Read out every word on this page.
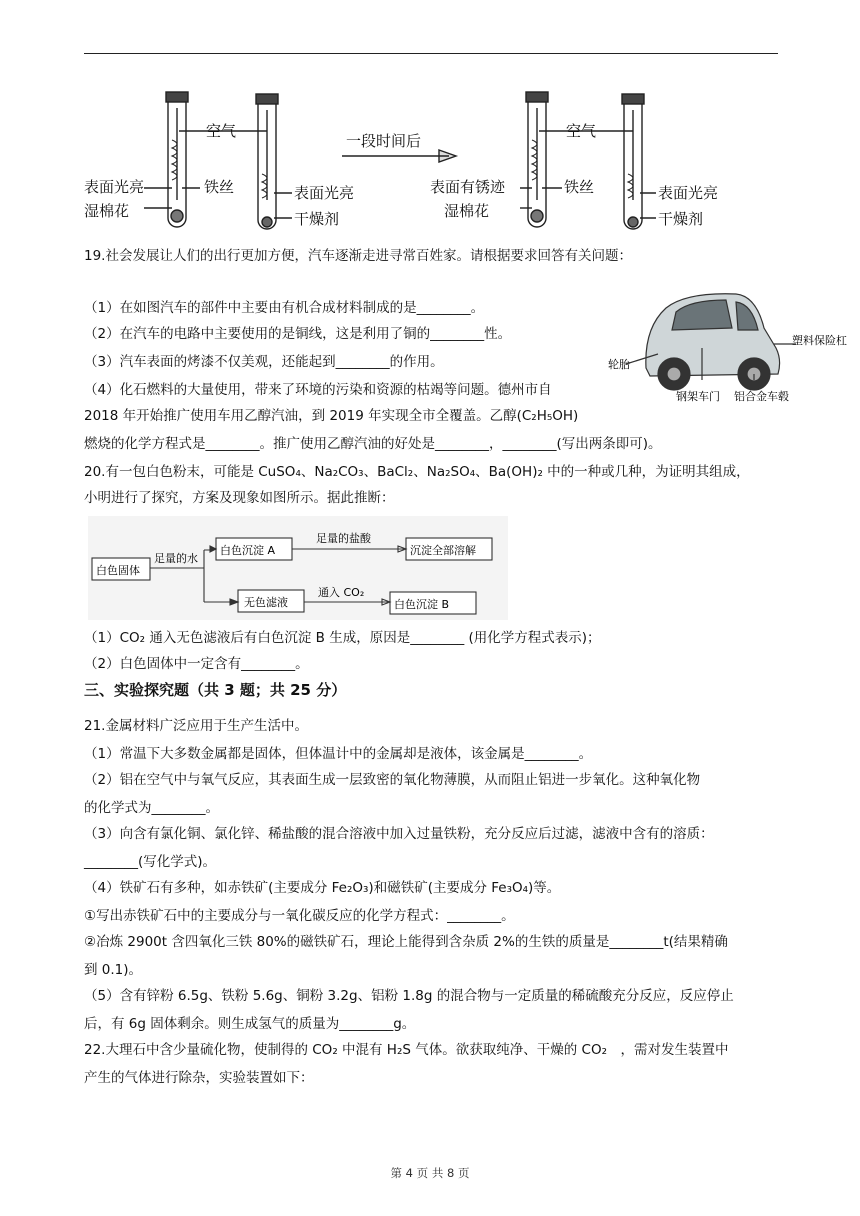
空气
表面光亮
湿棉花
铁丝	表面光亮
干燥剂
一段时间后
空气
表面有锈迹
湿棉花
铁丝	表面光亮
干燥剂
19.社会发展让人们的出行更加方便，汽车逐渐走进寻常百姓家。请根据要求回答有关问题：
（1）在如图汽车的部件中主要由有机合成材料制成的是________。
（2）在汽车的电路中主要使用的是铜线，这是利用了铜的________性。
（3）汽车表面的烤漆不仅美观，还能起到________的作用。
（4）化石燃料的大量使用，带来了环境的污染和资源的枯竭等问题。德州市自
2018 年开始推广使用车用乙醇汽油，到 2019 年实现全市全覆盖。乙醇(C₂H₅OH)
燃烧的化学方程式是________。推广使用乙醇汽油的好处是________，________(写出两条即可)。
塑料保险杠
轮胎
钢架车门 铝合金车毂
20.有一包白色粉末，可能是 CuSO₄、Na₂CO₃、BaCl₂、Na₂SO₄、Ba(OH)₂ 中的一种或几种，为证明其组成，
小明进行了探究，方案及现象如图所示。据此推断：
白色固体
足量的水
白色沉淀 A
足量的盐酸
沉淀全部溶解
无色滤液
通入 CO₂
白色沉淀 B
（1）CO₂ 通入无色滤液后有白色沉淀 B 生成，原因是________ (用化学方程式表示)；
（2）白色固体中一定含有________。
三、实验探究题（共 3 题；共 25 分）
21.金属材料广泛应用于生产生活中。
（1）常温下大多数金属都是固体，但体温计中的金属却是液体，该金属是________。
（2）铝在空气中与氧气反应，其表面生成一层致密的氧化物薄膜，从而阻止铝进一步氧化。这种氧化物
的化学式为________。
（3）向含有氯化铜、氯化锌、稀盐酸的混合溶液中加入过量铁粉，充分反应后过滤，滤液中含有的溶质：
________(写化学式)。
（4）铁矿石有多种，如赤铁矿(主要成分 Fe₂O₃)和磁铁矿(主要成分 Fe₃O₄)等。
①写出赤铁矿石中的主要成分与一氧化碳反应的化学方程式：________。
②冶炼 2900t 含四氧化三铁 80%的磁铁矿石，理论上能得到含杂质 2%的生铁的质量是________t(结果精确
到 0.1)。
（5）含有锌粉 6.5g、铁粉 5.6g、铜粉 3.2g、铝粉 1.8g 的混合物与一定质量的稀硫酸充分反应，反应停止
后，有 6g 固体剩余。则生成氢气的质量为________g。
22.大理石中含少量硫化物，使制得的 CO₂ 中混有 H₂S 气体。欲获取纯净、干燥的 CO₂　，需对发生装置中
产生的气体进行除杂，实验装置如下：
第 4 页 共 8 页
